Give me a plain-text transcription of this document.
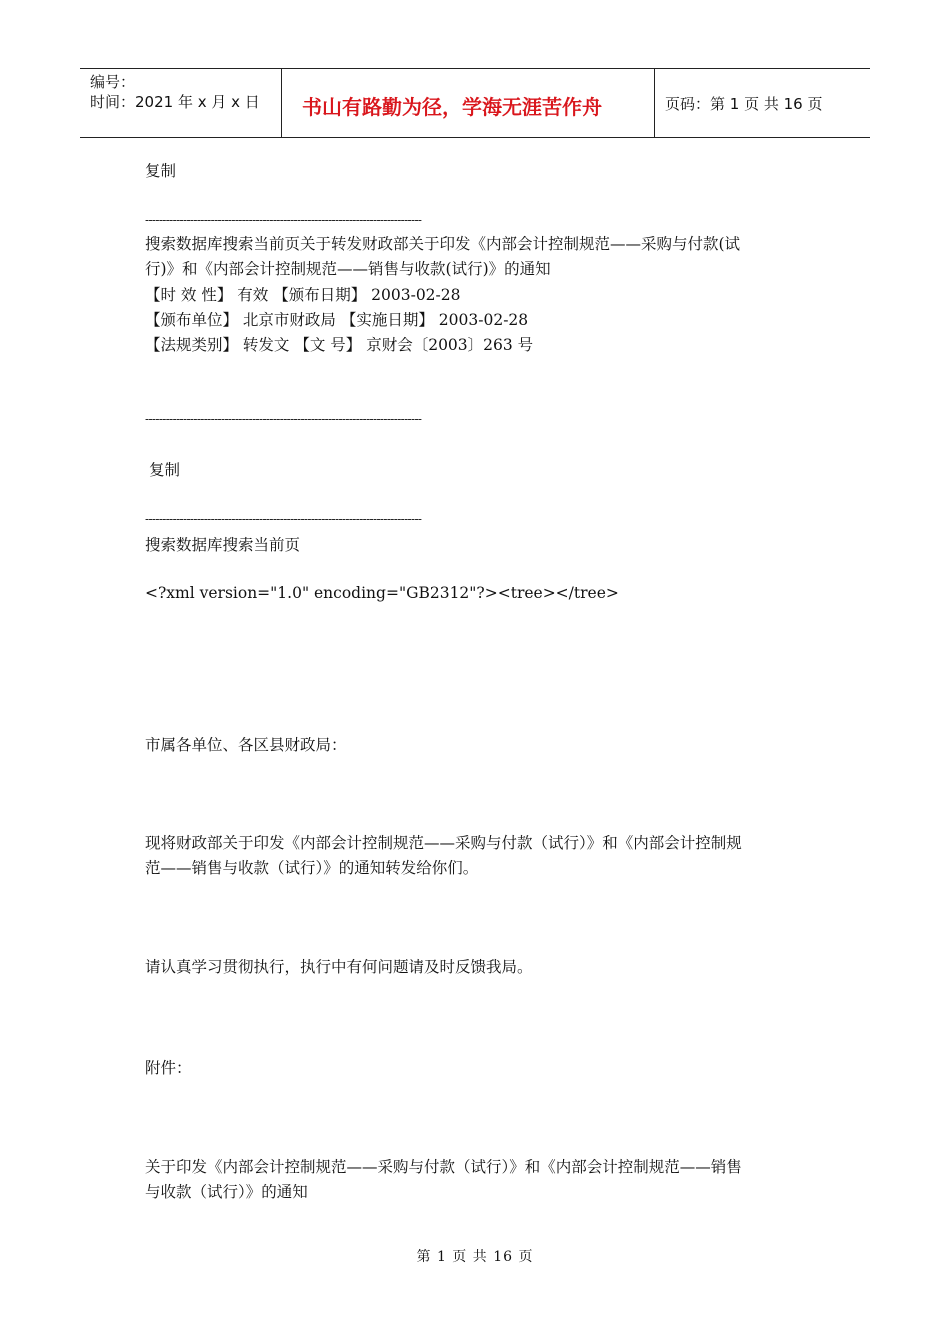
编号：
时间：2021 年 x 月 x 日 书山有路勤为径，学海无涯苦作舟	页码：第 1 页 共 16 页
复制
--------------------------------------------------------------------------------
搜索数据库搜索当前页关于转发财政部关于印发《内部会计控制规范——采购与付款(试
行)》和《内部会计控制规范——销售与收款(试行)》的通知
【时 效 性】 有效 【颁布日期】 2003-02-28
【颁布单位】 北京市财政局 【实施日期】 2003-02-28
【法规类别】 转发文 【文 号】 京财会〔2003〕263 号
--------------------------------------------------------------------------------
复制
--------------------------------------------------------------------------------
搜索数据库搜索当前页
<?xml version="1.0" encoding="GB2312"?><tree></tree>
市属各单位、各区县财政局：
现将财政部关于印发《内部会计控制规范——采购与付款（试行）》和《内部会计控制规
范——销售与收款（试行）》的通知转发给你们。
请认真学习贯彻执行，执行中有何问题请及时反馈我局。
附件：
关于印发《内部会计控制规范——采购与付款（试行）》和《内部会计控制规范——销售
与收款（试行）》的通知
第 1 页 共 16 页
